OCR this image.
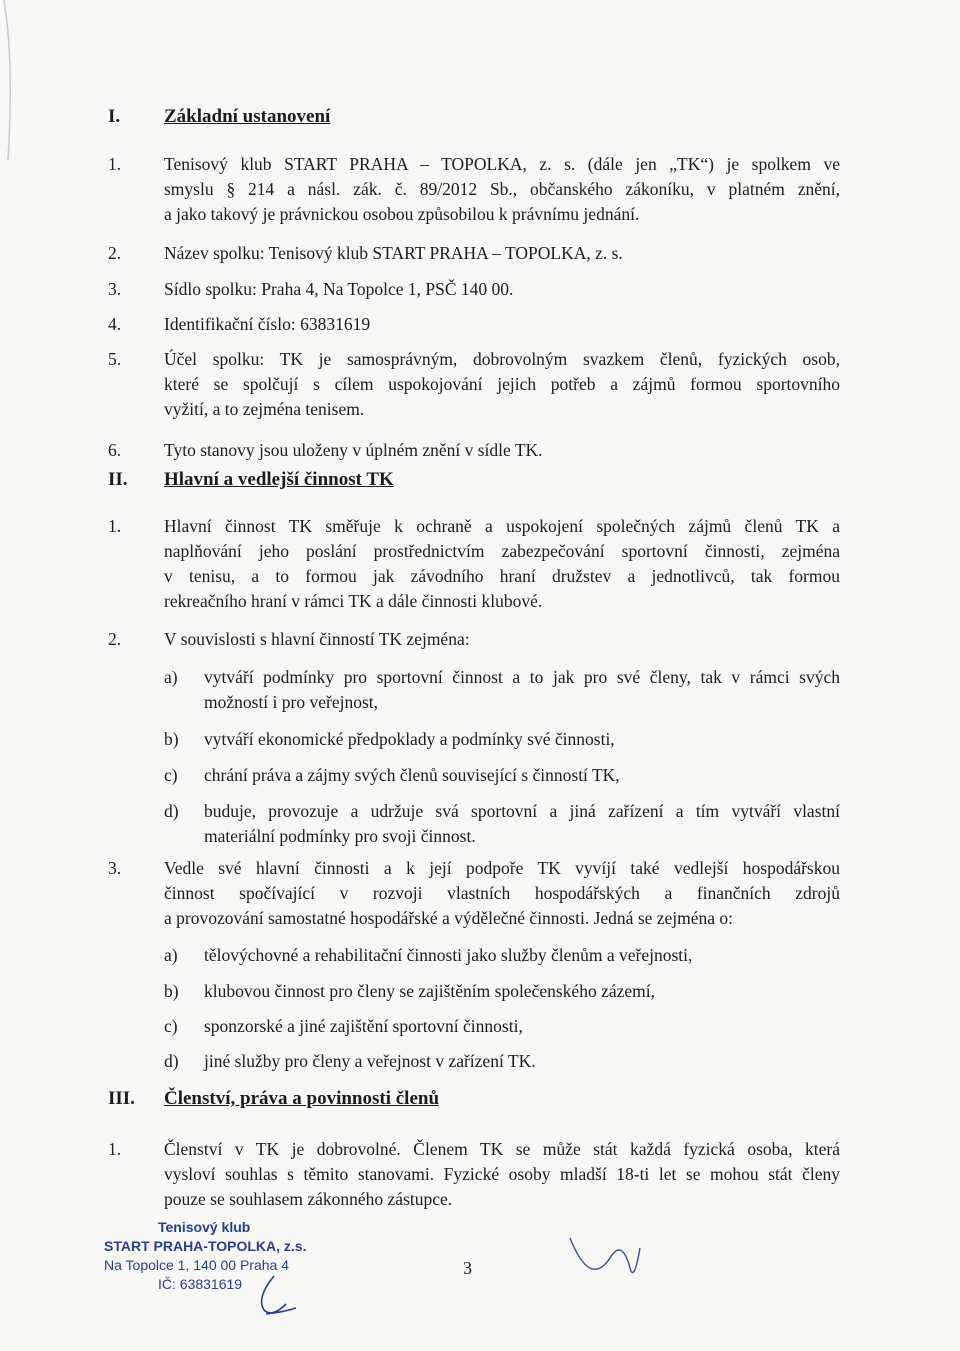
I. Základní ustanovení
1. Tenisový klub START PRAHA – TOPOLKA, z. s. (dále jen „TK“) je spolkem ve
smyslu § 214 a násl. zák. č. 89/2012 Sb., občanského zákoníku, v platném znění,
a jako takový je právnickou osobou způsobilou k právnímu jednání.
2. Název spolku: Tenisový klub START PRAHA – TOPOLKA, z. s.
3. Sídlo spolku: Praha 4, Na Topolce 1, PSČ 140 00.
4. Identifikační číslo: 63831619
5. Účel spolku: TK je samosprávným, dobrovolným svazkem členů, fyzických osob,
které se spolčují s cílem uspokojování jejich potřeb a zájmů formou sportovního
vyžití, a to zejména tenisem.
6. Tyto stanovy jsou uloženy v úplném znění v sídle TK.
II. Hlavní a vedlejší činnost TK
1. Hlavní činnost TK směřuje k ochraně a uspokojení společných zájmů členů TK a
naplňování jeho poslání prostřednictvím zabezpečování sportovní činnosti, zejména
v tenisu, a to formou jak závodního hraní družstev a jednotlivců, tak formou
rekreačního hraní v rámci TK a dále činnosti klubové.
2. V souvislosti s hlavní činností TK zejména:
a) vytváří podmínky pro sportovní činnost a to jak pro své členy, tak v rámci svých
možností i pro veřejnost,
b) vytváří ekonomické předpoklady a podmínky své činnosti,
c) chrání práva a zájmy svých členů související s činností TK,
d) buduje, provozuje a udržuje svá sportovní a jiná zařízení a tím vytváří vlastní
materiální podmínky pro svoji činnost.
3. Vedle své hlavní činnosti a k její podpoře TK vyvíjí také vedlejší hospodářskou
činnost spočívající v rozvoji vlastních hospodářských a finančních zdrojů
a provozování samostatné hospodářské a výdělečné činnosti. Jedná se zejména o:
a) tělovýchovné a rehabilitační činnosti jako služby členům a veřejnosti,
b) klubovou činnost pro členy se zajištěním společenského zázemí,
c) sponzorské a jiné zajištění sportovní činnosti,
d) jiné služby pro členy a veřejnost v zařízení TK.
III. Členství, práva a povinnosti členů
1. Členství v TK je dobrovolné. Členem TK se může stát každá fyzická osoba, která
vysloví souhlas s těmito stanovami. Fyzické osoby mladší 18-ti let se mohou stát členy
pouze se souhlasem zákonného zástupce.
Tenisový klub
START PRAHA-TOPOLKA, z.s.
Na Topolce 1, 140 00 Praha 4
IČ: 63831619
3
